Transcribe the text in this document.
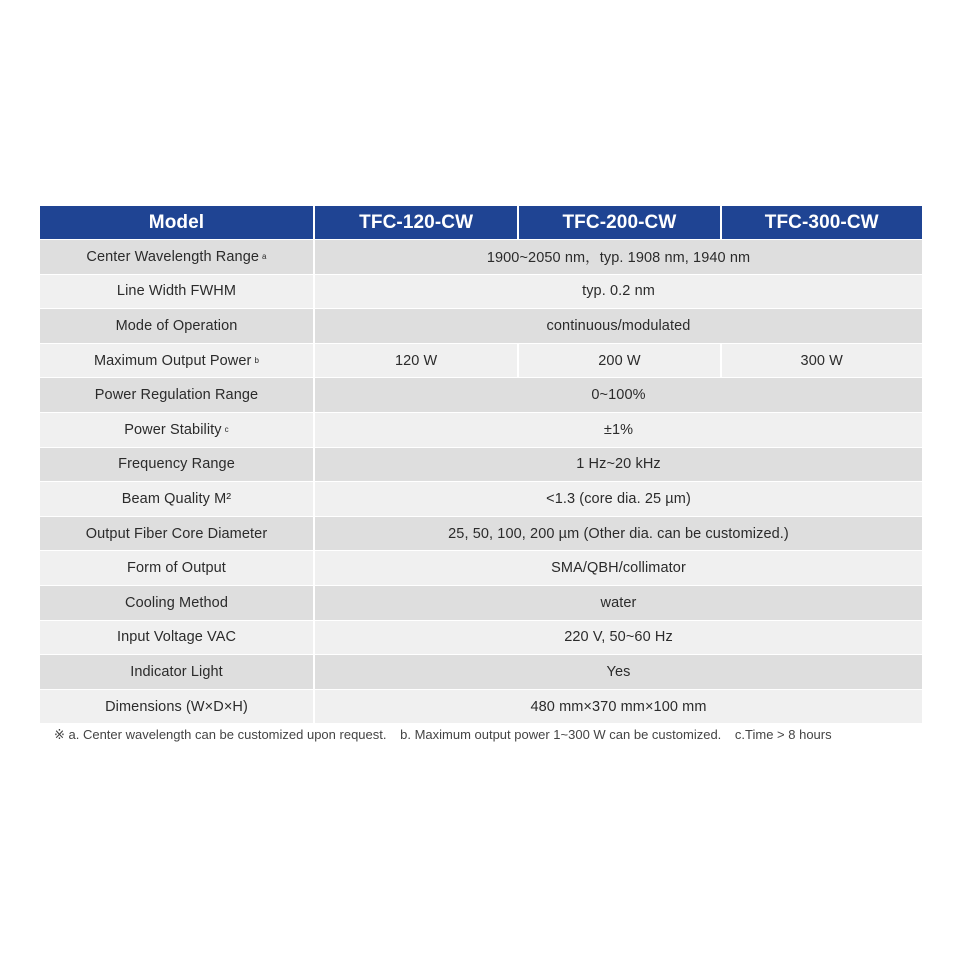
Model	TFC-120-CW	TFC-200-CW	TFC-300-CW
Center Wavelength Range a	1900~2050 nm，typ. 1908 nm, 1940 nm
Line Width FWHM	typ. 0.2 nm
Mode of Operation	continuous/modulated
Maximum Output Power b	120 W	200 W	300 W
Power Regulation Range	0~100%
Power Stability c	±1%
Frequency Range	1 Hz~20 kHz
Beam Quality M²	<1.3 (core dia. 25 µm)
Output Fiber Core Diameter	25, 50, 100, 200 µm (Other dia. can be customized.)
Form of Output	SMA/QBH/collimator
Cooling Method	water
Input Voltage VAC	220 V, 50~60 Hz
Indicator Light	Yes
Dimensions (W×D×H)	480 mm×370 mm×100 mm
※ a. Center wavelength can be customized upon request. b. Maximum output power 1~300 W can be customized. c.Time > 8 hours
